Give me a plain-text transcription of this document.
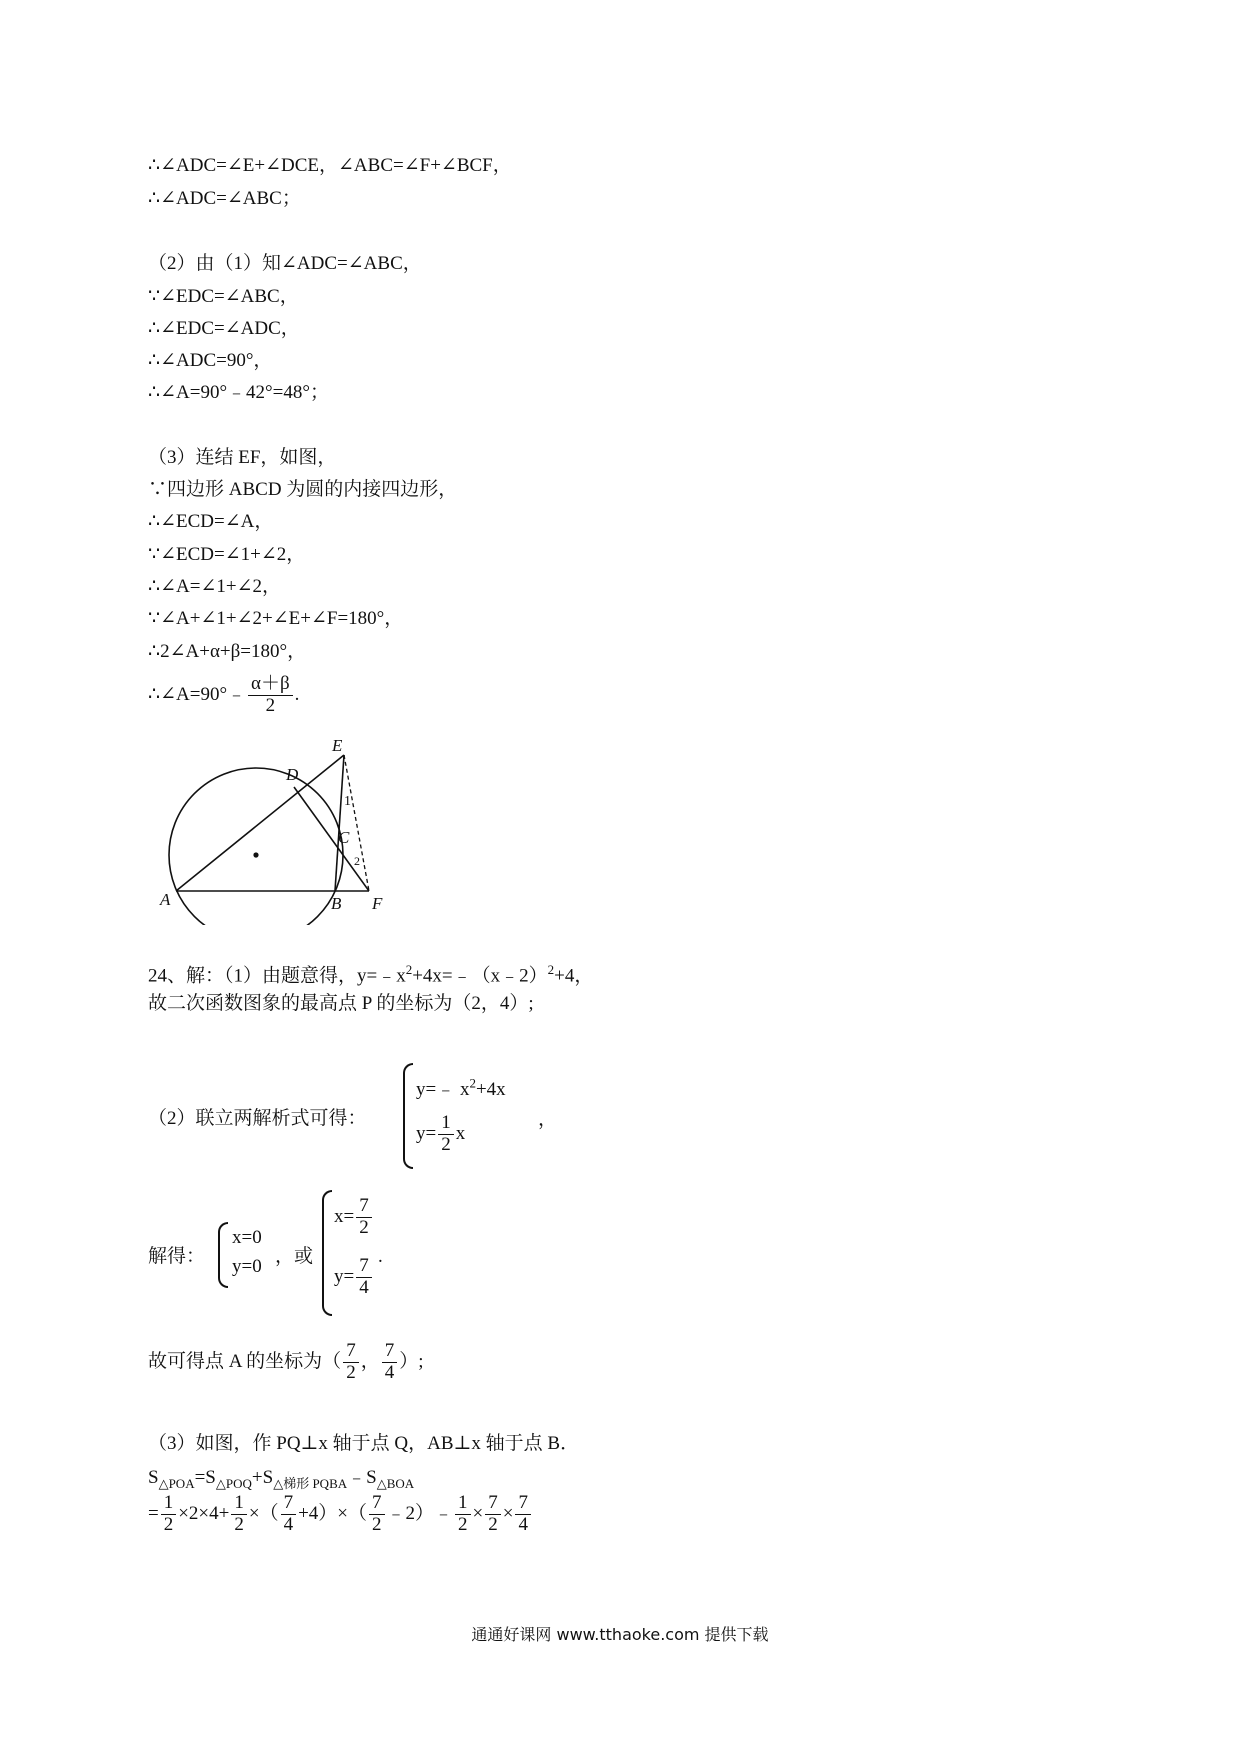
∴∠ADC=∠E+∠DCE，∠ABC=∠F+∠BCF，
∴∠ADC=∠ABC；
（2）由（1）知∠ADC=∠ABC，
∵∠EDC=∠ABC，
∴∠EDC=∠ADC，
∴∠ADC=90°，
∴∠A=90°﹣42°=48°；
（3）连结 EF，如图，
∵四边形 ABCD 为圆的内接四边形，
∴∠ECD=∠A，
∵∠ECD=∠1+∠2，
∴∠A=∠1+∠2，
∵∠A+∠1+∠2+∠E+∠F=180°，
∴2∠A+α+β=180°，
∴∠A=90°﹣ $\frac{\alpha+\beta}{2}$ .
A	B
C
D
E
F
1
2
24、解：（1）由题意得，$y=﹣x^2+4x=﹣(x﹣2)^2+4$，
故二次函数图象的最高点 P 的坐标为（2，4）;
（2）联立两解析式可得：
y=﹣ $x^2+4x$
$y= \frac{1}{2}$ x
，
解得：
x=0
y=0 ，或
$x= \frac{7}{2}$
$y= \frac{7}{4}$ .
故可得点 A 的坐标为（ $\frac{7}{2}$ ， $\frac{7}{4}$ ）;
（3）如图，作 PQ⊥x 轴于点 Q，AB⊥x 轴于点 B．
$S_{\triangle POA}=S_{\triangle POQ}+S_{\triangle 梯形 PQBA}﹣S_{\triangle BOA}$
= $\frac{1}{2} \times 2\times 4+ \frac{1}{2}$ ×（ $\frac{7}{4} +4)\times( \frac{7}{2}$ ﹣2）﹣ $\frac{1}{2} \times \frac{7}{2} \times \frac{7}{4}$
通通好课网 www.tthaoke.com 提供下载
